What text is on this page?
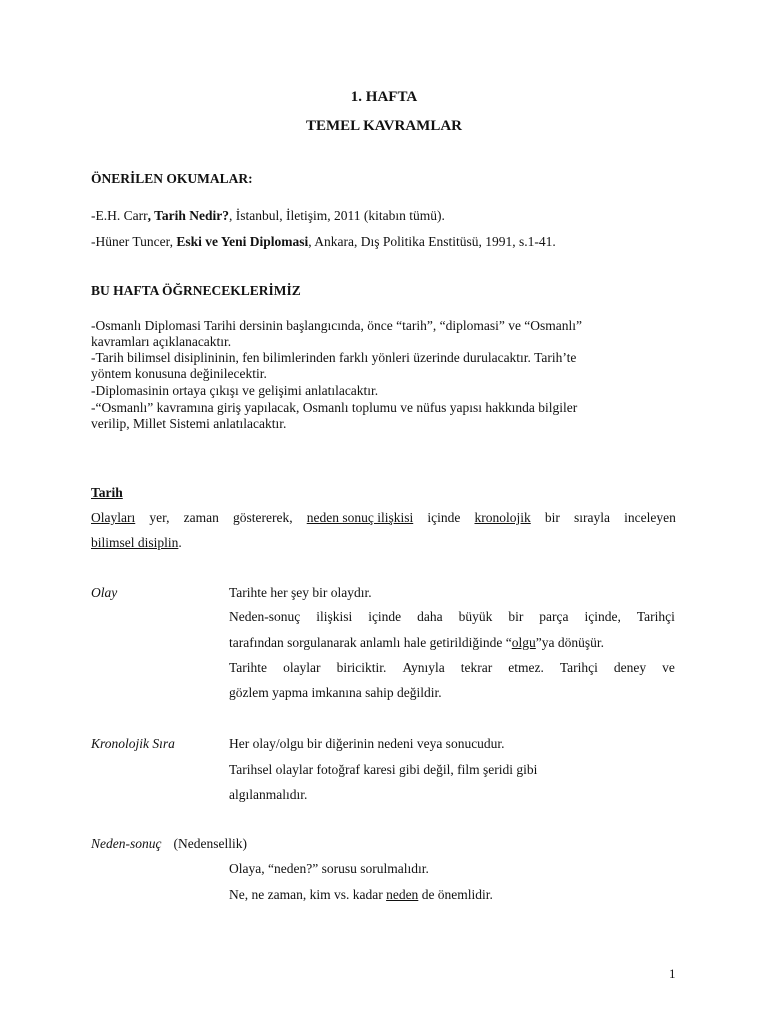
1. HAFTA
TEMEL KAVRAMLAR
ÖNERİLEN OKUMALAR:
-E.H. Carr, Tarih Nedir?, İstanbul, İletişim, 2011 (kitabın tümü).
-Hüner Tuncer, Eski ve Yeni Diplomasi, Ankara, Dış Politika Enstitüsü, 1991, s.1-41.
BU HAFTA ÖĞRNECEKLERİMİZ
-Osmanlı Diplomasi Tarihi dersinin başlangıcında, önce “tarih”, “diplomasi” ve “Osmanlı”
kavramları açıklanacaktır.
-Tarih bilimsel disiplininin, fen bilimlerinden farklı yönleri üzerinde durulacaktır. Tarih’te
yöntem konusuna değinilecektir.
-Diplomasinin ortaya çıkışı ve gelişimi anlatılacaktır.
-“Osmanlı” kavramına giriş yapılacak, Osmanlı toplumu ve nüfus yapısı hakkında bilgiler
verilip, Millet Sistemi anlatılacaktır.
Tarih
Olayları yer, zaman göstererek, neden sonuç ilişkisi içinde kronolojik bir sırayla inceleyen
bilimsel disiplin.
Olay	Tarihte her şey bir olaydır.
Neden-sonuç ilişkisi içinde daha büyük bir parça içinde, Tarihçi
tarafından sorgulanarak anlamlı hale getirildiğinde “olgu”ya dönüşür.
Tarihte olaylar biriciktir. Aynıyla tekrar etmez. Tarihçi deney ve
gözlem yapma imkanına sahip değildir.
Kronolojik Sıra	Her olay/olgu bir diğerinin nedeni veya sonucudur.
Tarihsel olaylar fotoğraf karesi gibi değil, film şeridi gibi
algılanmalıdır.
Neden-sonuç (Nedensellik)
Olaya, “neden?” sorusu sorulmalıdır.
Ne, ne zaman, kim vs. kadar neden de önemlidir.
1
